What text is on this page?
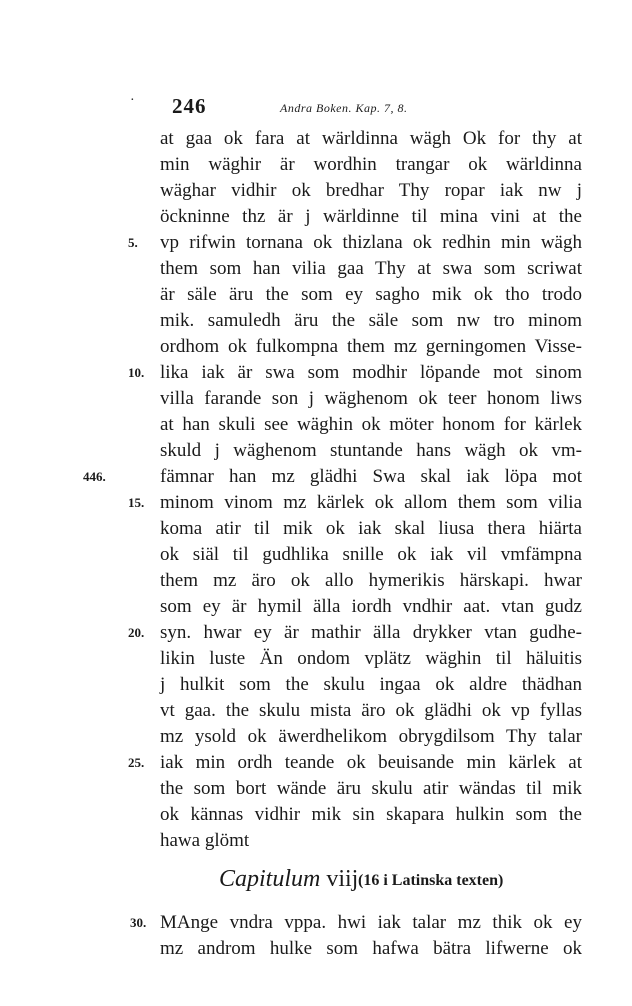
· 246	Andra Boken. Kap. 7, 8.
at gaa ok fara at wärldinna wägh Ok for thy at
min wäghir är wordhin trangar ok wärldinna
wäghar vidhir ok bredhar Thy ropar iak nw j
öckninne thz är j wärldinne til mina vini at the
vp rifwin tornana ok thizlana ok redhin min wägh
them som han vilia gaa Thy at swa som scriwat
är säle äru the som ey sagho mik ok tho trodo
mik. samuledh äru the säle som nw tro minom
ordhom ok fulkompna them mz gerningomen Visse-
lika iak är swa som modhir löpande mot sinom
villa farande son j wäghenom ok teer honom liws
at han skuli see wäghin ok möter honom for kärlek
skuld j wäghenom stuntande hans wägh ok vm-
fämnar han mz glädhi Swa skal iak löpa mot
minom vinom mz kärlek ok allom them som vilia
koma atir til mik ok iak skal liusa thera hiärta
ok siäl til gudhlika snille ok iak vil vmfämpna
them mz äro ok allo hymerikis härskapi. hwar
som ey är hymil älla iordh vndhir aat. vtan gudz
syn. hwar ey är mathir älla drykker vtan gudhe-
likin luste Än ondom vplätz wäghin til häluitis
j hulkit som the skulu ingaa ok aldre thädhan
vt gaa. the skulu mista äro ok glädhi ok vp fyllas
mz ysold ok äwerdhelikom obrygdilsom Thy talar
iak min ordh teande ok beuisande min kärlek at
the som bort wände äru skulu atir wändas til mik
ok kännas vidhir mik sin skapara hulkin som the
hawa glömt
5.
10.
15.
20.
25.
446.
Capitulum viij (16 i Latinska texten)
MAnge vndra vppa. hwi iak talar mz thik ok ey
mz androm hulke som hafwa bätra lifwerne ok
30.
